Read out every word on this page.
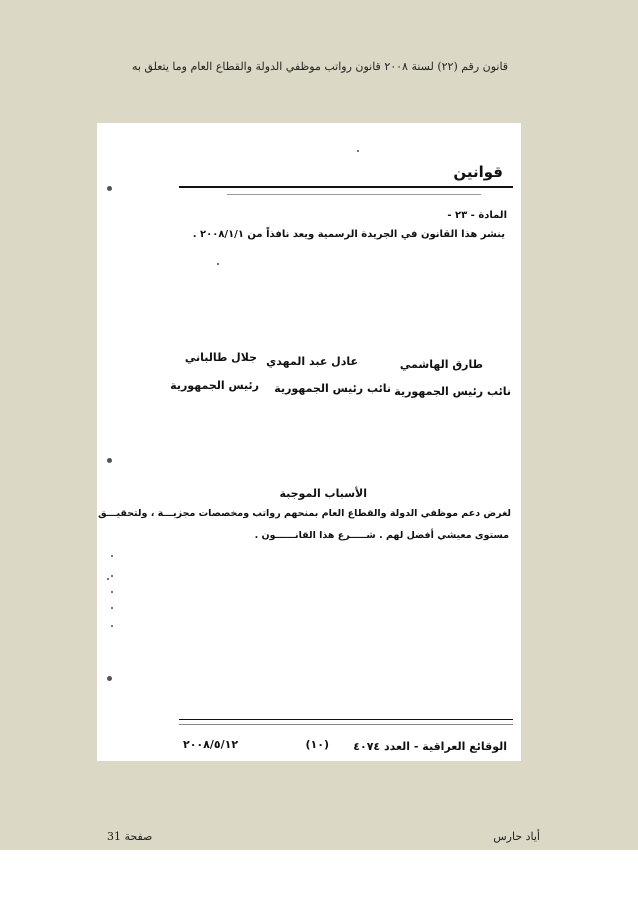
قانون رقم (٢٢) لسنة ٢٠٠٨ قانون رواتب موظفي الدولة والقطاع العام وما يتعلق به
قوانين
المادة - ٢٣ -
ينشر هذا القانون في الجريدة الرسمية ويعد نافذاً من ٢٠٠٨/١/١ .
طارق الهاشمي
نائب رئيس الجمهورية
عادل عبد المهدي
نائب رئيس الجمهورية
جلال طالباني
رئيس الجمهورية
الأسباب الموجبة
لغرض دعم موظفي الدولة والقطاع العام بمنحهم رواتب ومخصصات مجزيـــة ، ولتحقيـــق
مستوى معيشي أفضل لهم . شـــــرع هذا القانــــــون .
الوقائع العراقية - العدد ٤٠٧٤
(١٠)
٢٠٠٨/٥/١٢
أياد حارس
صفحة 31
